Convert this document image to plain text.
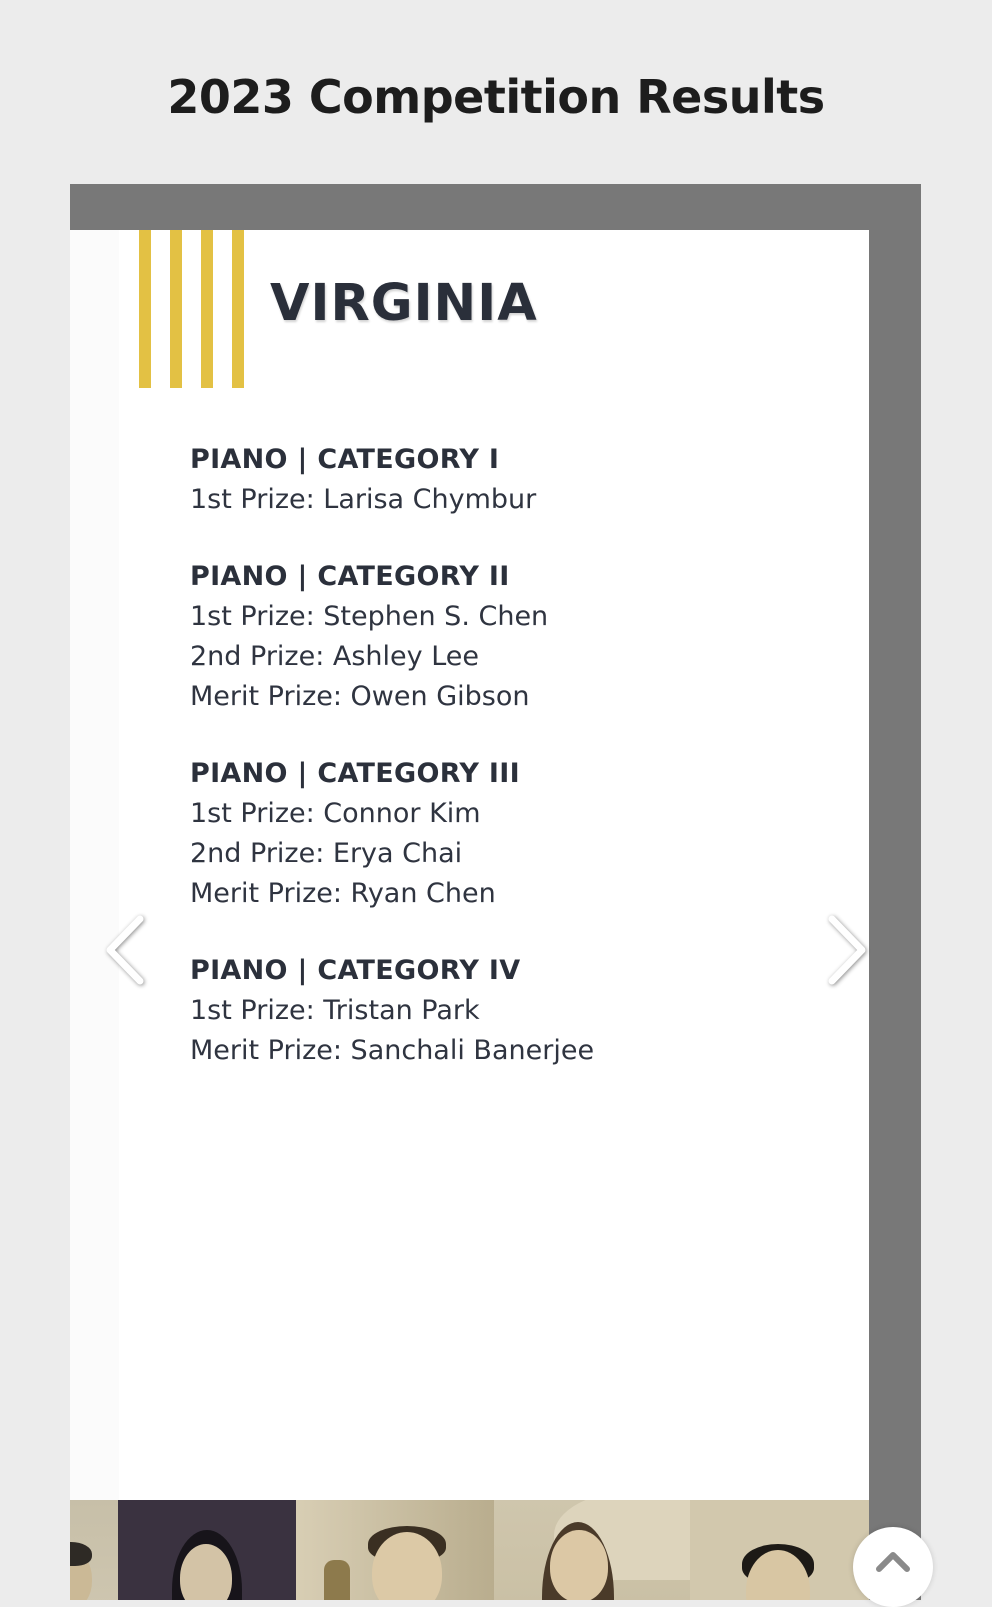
2023 Competition Results
VIRGINIA
PIANO | CATEGORY I
1st Prize: Larisa Chymbur
PIANO | CATEGORY II
1st Prize: Stephen S. Chen
2nd Prize: Ashley Lee
Merit Prize: Owen Gibson
PIANO | CATEGORY III
1st Prize: Connor Kim
2nd Prize: Erya Chai
Merit Prize: Ryan Chen
PIANO | CATEGORY IV
1st Prize: Tristan Park
Merit Prize: Sanchali Banerjee
